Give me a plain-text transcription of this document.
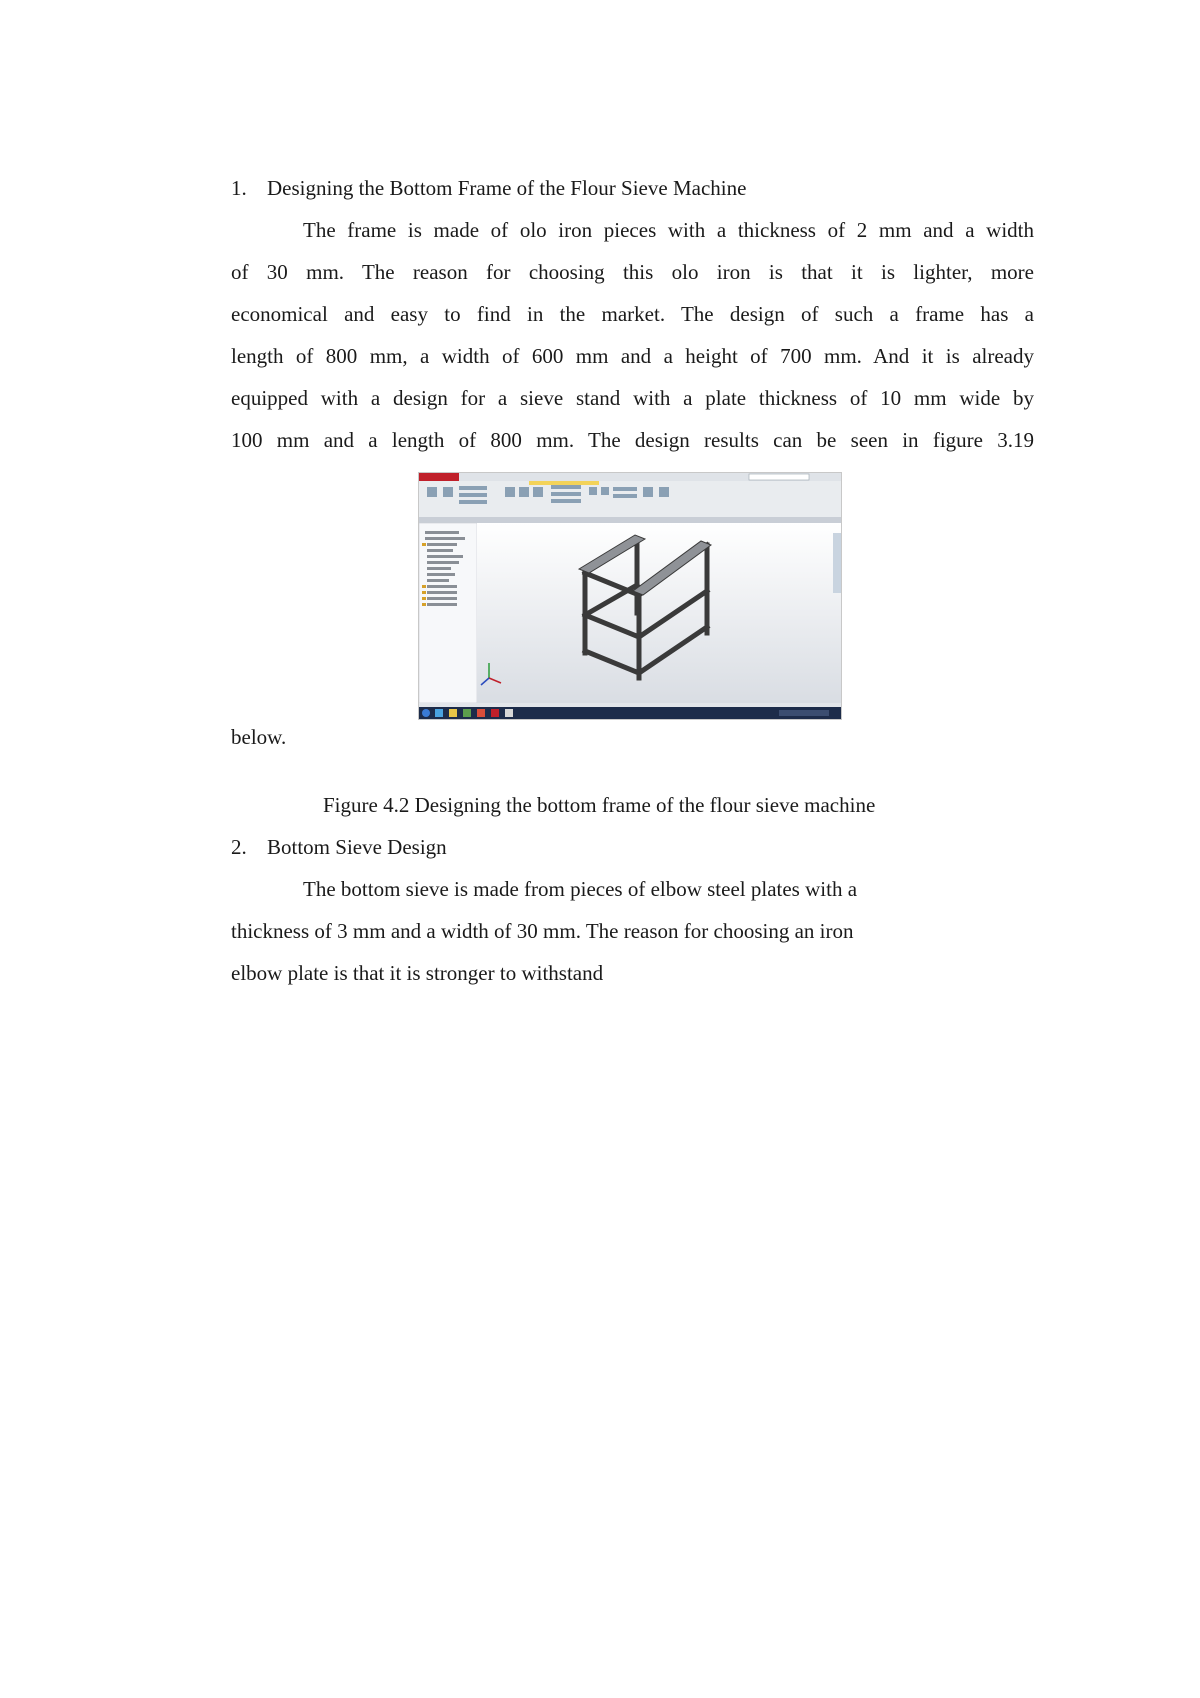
1. Designing the Bottom Frame of the Flour Sieve Machine
The frame is made of olo iron pieces with a thickness of 2 mm and a width
of 30 mm. The reason for choosing this olo iron is that it is lighter, more
economical and easy to find in the market. The design of such a frame has a
length of 800 mm, a width of 600 mm and a height of 700 mm. And it is already
equipped with a design for a sieve stand with a plate thickness of 10 mm wide by
100 mm and a length of 800 mm. The design results can be seen in figure 3.19
below.
Figure 4.2 Designing the bottom frame of the flour sieve machine
2. Bottom Sieve Design
The bottom sieve is made from pieces of elbow steel plates with a
thickness of 3 mm and a width of 30 mm. The reason for choosing an iron
elbow plate is that it is stronger to withstand
